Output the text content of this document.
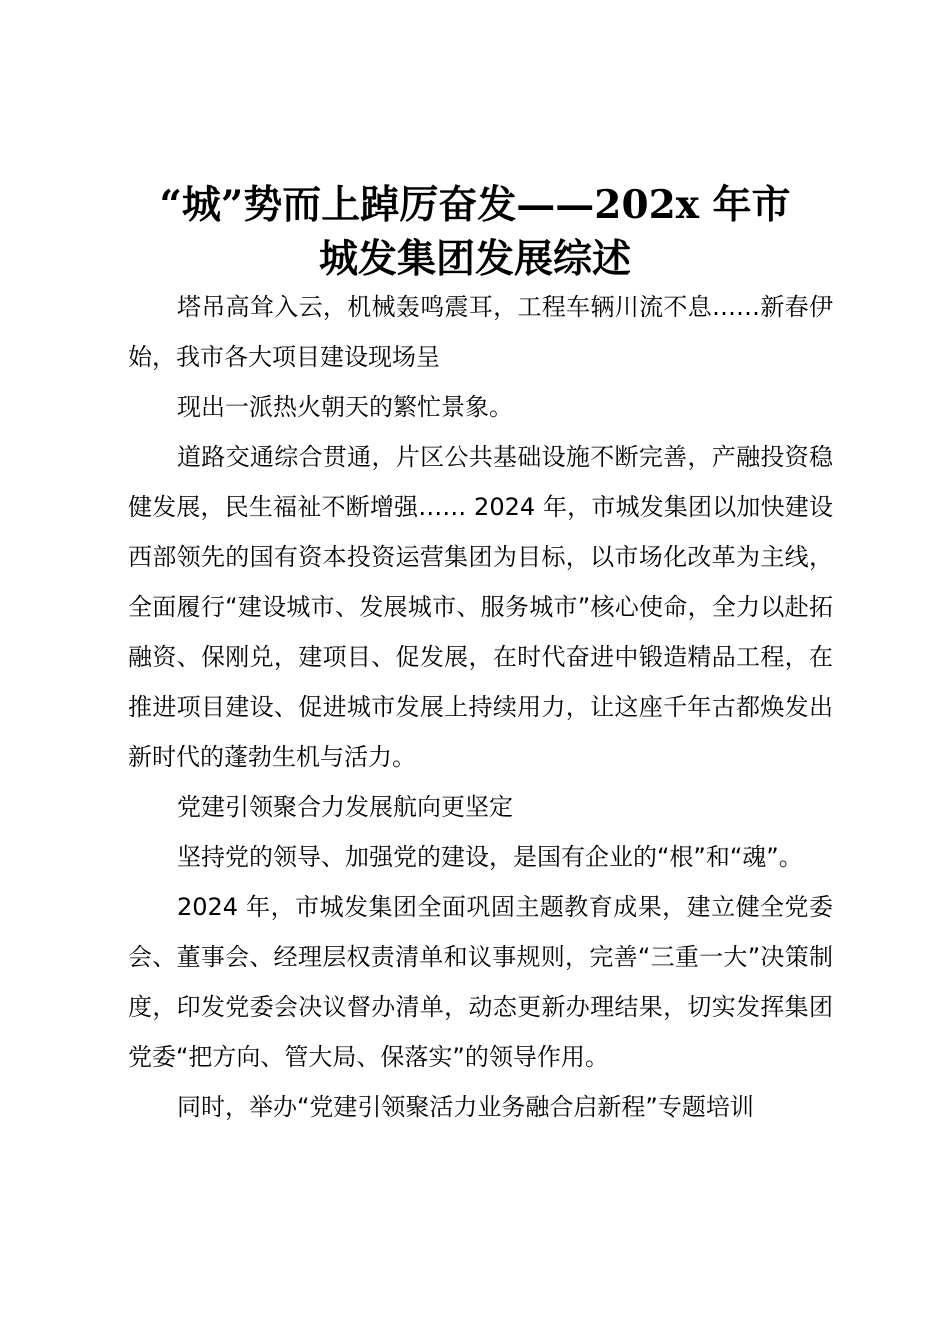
“城”势而上踔厉奋发——202x 年市
城发集团发展综述

塔吊高耸入云，机械轰鸣震耳，工程车辆川流不息……新春伊始，我市各大项目建设现场呈

现出一派热火朝天的繁忙景象。

道路交通综合贯通，片区公共基础设施不断完善，产融投资稳健发展，民生福祉不断增强…… 2024 年，市城发集团以加快建设西部领先的国有资本投资运营集团为目标，以市场化改革为主线，全面履行“建设城市、发展城市、服务城市”核心使命，全力以赴拓融资、保刚兑，建项目、促发展，在时代奋进中锻造精品工程，在推进项目建设、促进城市发展上持续用力，让这座千年古都焕发出新时代的蓬勃生机与活力。

党建引领聚合力发展航向更坚定

坚持党的领导、加强党的建设，是国有企业的“根”和“魂”。

2024 年，市城发集团全面巩固主题教育成果，建立健全党委会、董事会、经理层权责清单和议事规则，完善“三重一大”决策制度，印发党委会决议督办清单，动态更新办理结果，切实发挥集团党委“把方向、管大局、保落实”的领导作用。

同时，举办“党建引领聚活力业务融合启新程”专题培训
